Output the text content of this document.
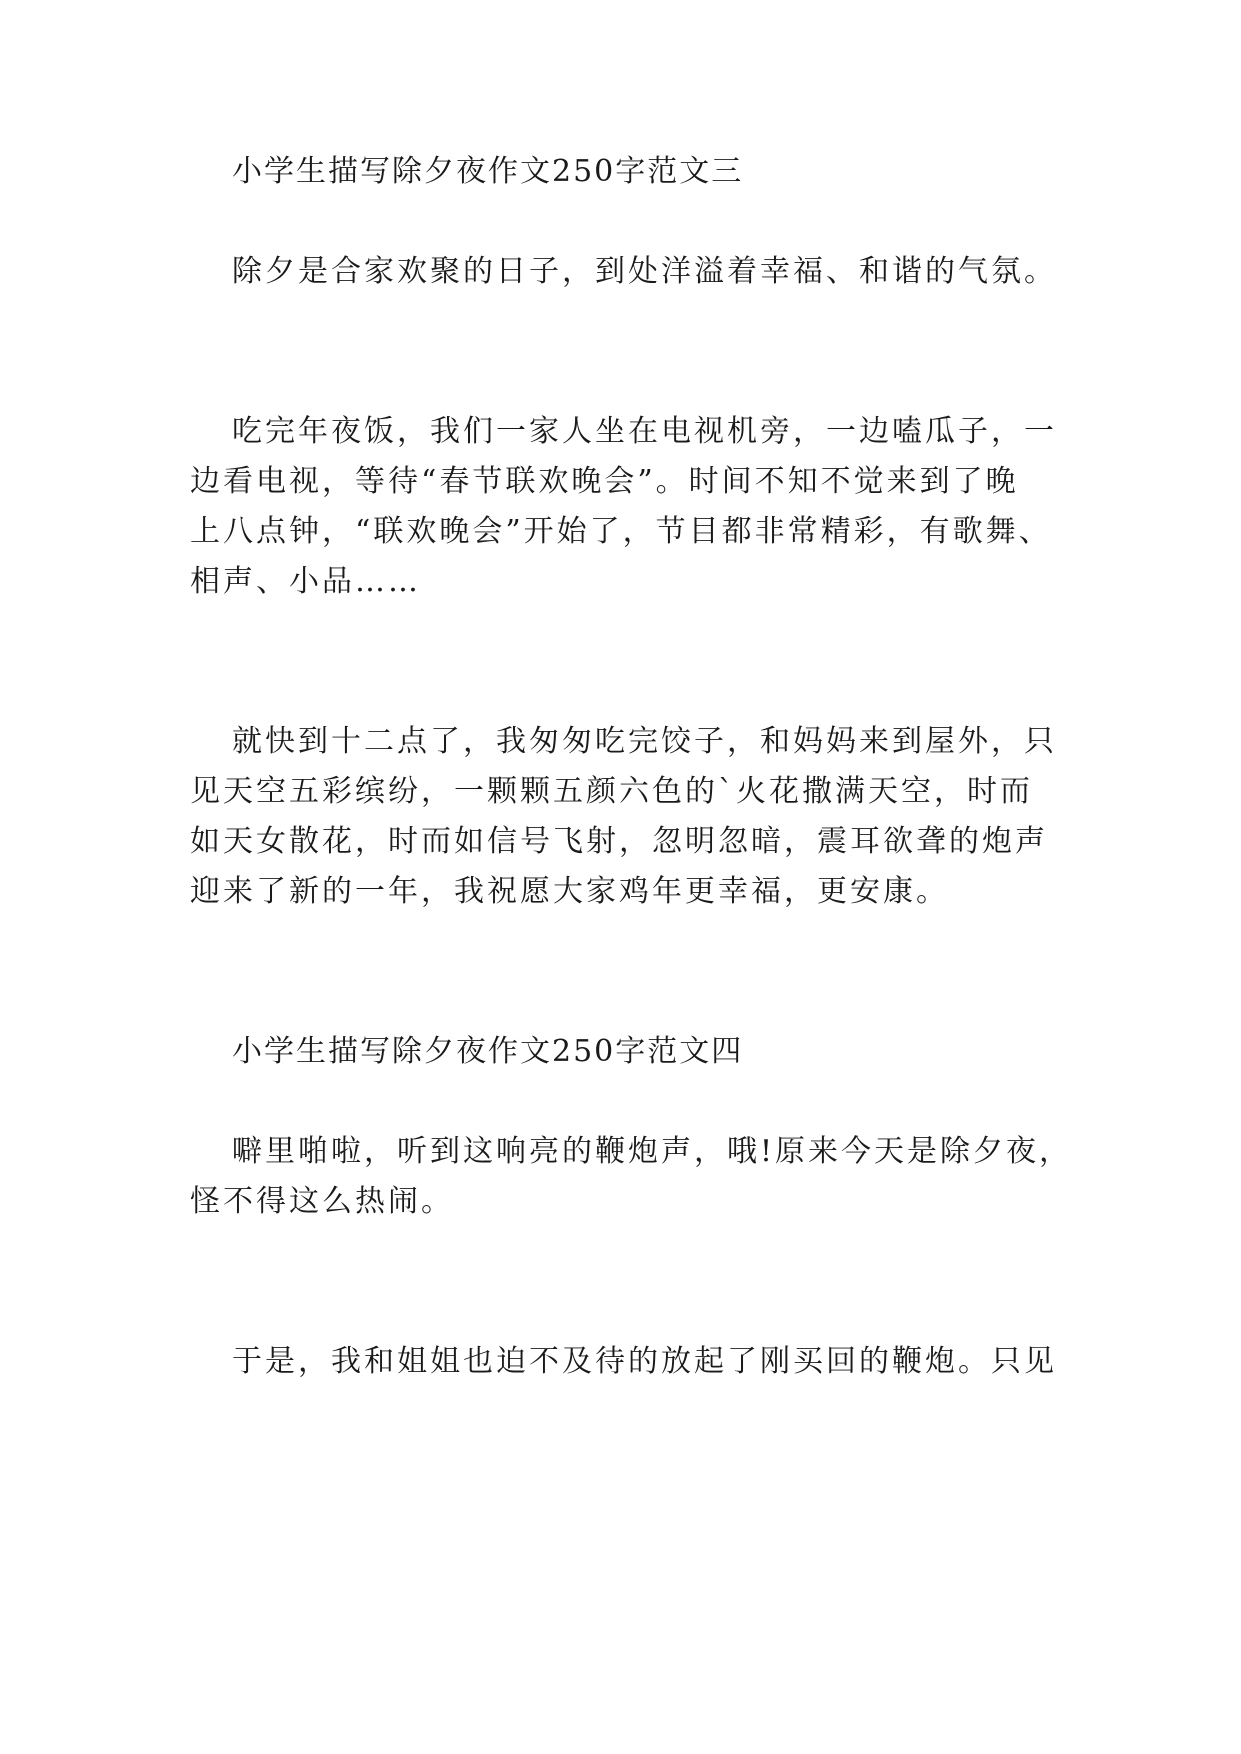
小学生描写除夕夜作文250字范文三

除夕是合家欢聚的日子，到处洋溢着幸福、和谐的气氛。

吃完年夜饭，我们一家人坐在电视机旁，一边嗑瓜子，一

边看电视，等待“春节联欢晚会”。时间不知不觉来到了晚

上八点钟，“联欢晚会”开始了，节目都非常精彩，有歌舞、

相声、小品……

就快到十二点了，我匆匆吃完饺子，和妈妈来到屋外，只

见天空五彩缤纷，一颗颗五颜六色的`火花撒满天空，时而

如天女散花，时而如信号飞射，忽明忽暗，震耳欲聋的炮声

迎来了新的一年，我祝愿大家鸡年更幸福，更安康。

小学生描写除夕夜作文250字范文四

噼里啪啦，听到这响亮的鞭炮声，哦!原来今天是除夕夜，

怪不得这么热闹。

于是，我和姐姐也迫不及待的放起了刚买回的鞭炮。只见
